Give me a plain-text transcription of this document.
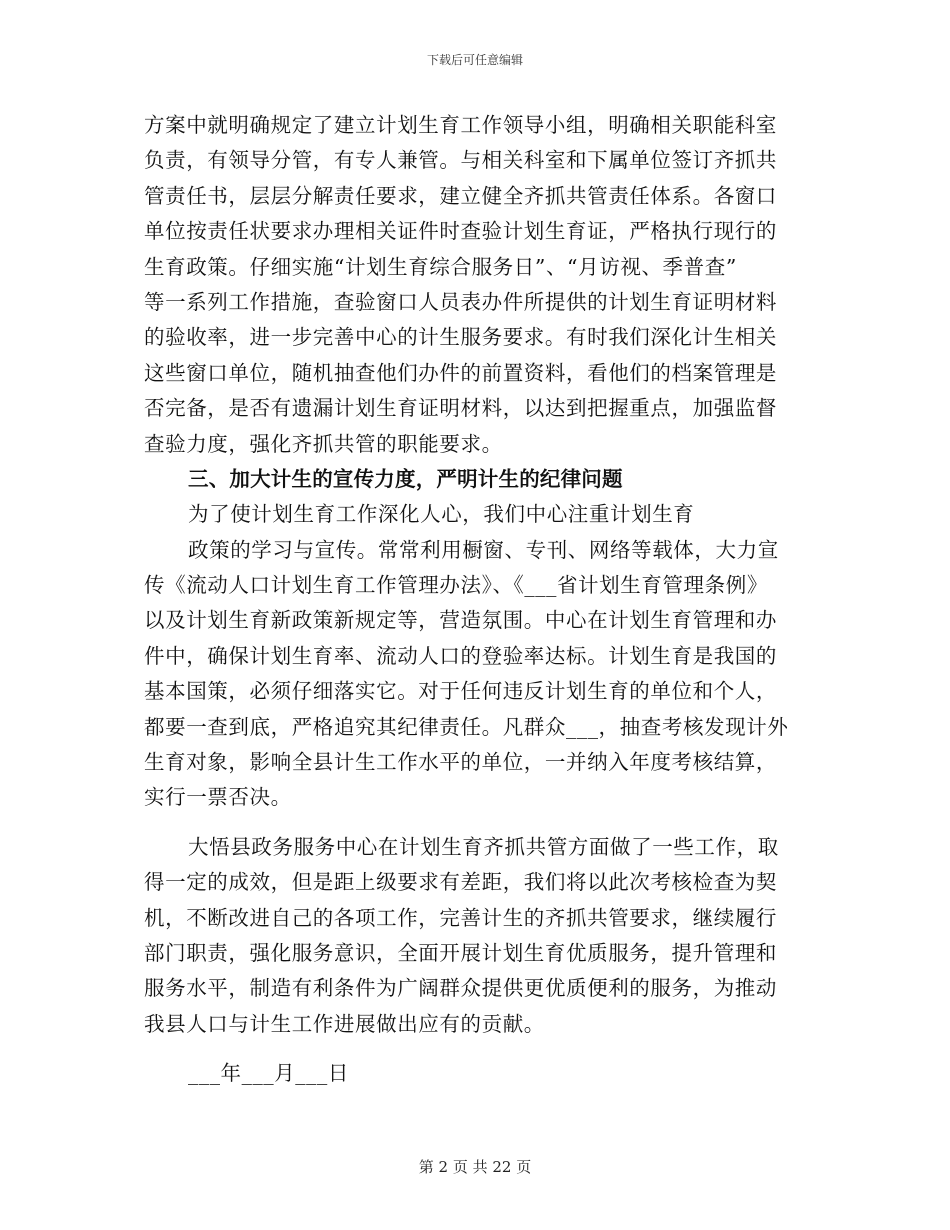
下载后可任意编辑
方案中就明确规定了建立计划生育工作领导小组，明确相关职能科室
负责，有领导分管，有专人兼管。与相关科室和下属单位签订齐抓共
管责任书，层层分解责任要求，建立健全齐抓共管责任体系。各窗口
单位按责任状要求办理相关证件时查验计划生育证，严格执行现行的
生育政策。仔细实施“计划生育综合服务日”、“月访视、季普查”
等一系列工作措施，查验窗口人员表办件所提供的计划生育证明材料
的验收率，进一步完善中心的计生服务要求。有时我们深化计生相关
这些窗口单位，随机抽查他们办件的前置资料，看他们的档案管理是
否完备，是否有遗漏计划生育证明材料，以达到把握重点，加强监督
查验力度，强化齐抓共管的职能要求。
三、加大计生的宣传力度，严明计生的纪律问题
为了使计划生育工作深化人心，我们中心注重计划生育
政策的学习与宣传。常常利用橱窗、专刊、网络等载体，大力宣
传《流动人口计划生育工作管理办法》、《___省计划生育管理条例》
以及计划生育新政策新规定等，营造氛围。中心在计划生育管理和办
件中，确保计划生育率、流动人口的登验率达标。计划生育是我国的
基本国策，必须仔细落实它。对于任何违反计划生育的单位和个人，
都要一查到底，严格追究其纪律责任。凡群众___，抽查考核发现计外
生育对象，影响全县计生工作水平的单位，一并纳入年度考核结算，
实行一票否决。
大悟县政务服务中心在计划生育齐抓共管方面做了一些工作，取
得一定的成效，但是距上级要求有差距，我们将以此次考核检查为契
机，不断改进自己的各项工作，完善计生的齐抓共管要求，继续履行
部门职责，强化服务意识，全面开展计划生育优质服务，提升管理和
服务水平，制造有利条件为广阔群众提供更优质便利的服务，为推动
我县人口与计生工作进展做出应有的贡献。
___年___月___日
第 2 页 共 22 页
